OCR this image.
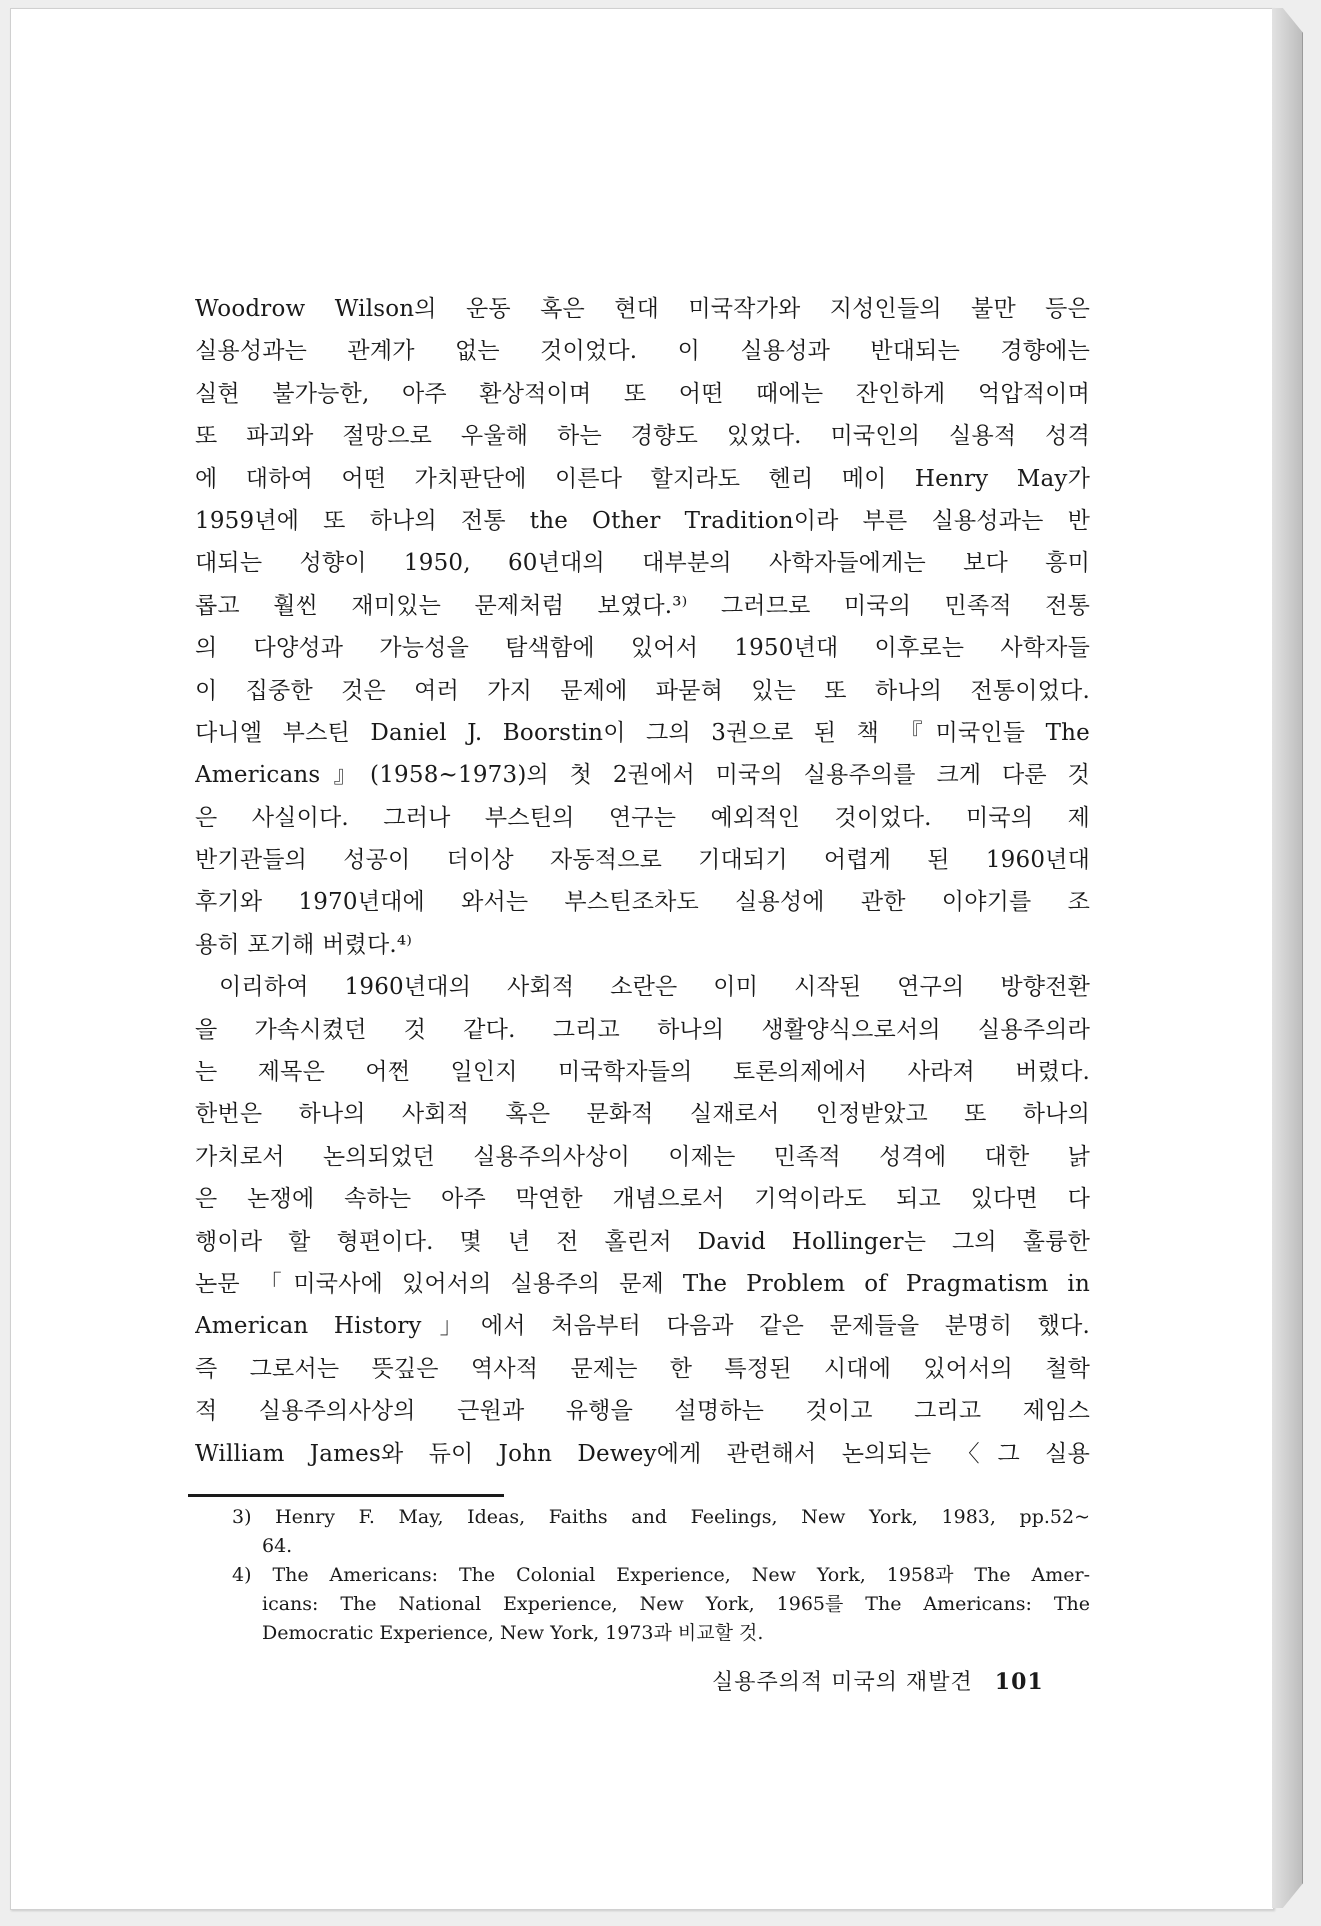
Woodrow Wilson의 운동 혹은 현대 미국작가와 지성인들의 불만 등은
실용성과는 관계가 없는 것이었다. 이 실용성과 반대되는 경향에는
실현 불가능한, 아주 환상적이며 또 어떤 때에는 잔인하게 억압적이며
또 파괴와 절망으로 우울해 하는 경향도 있었다. 미국인의 실용적 성격
에 대하여 어떤 가치판단에 이른다 할지라도 헨리 메이 Henry May가
1959년에 또 하나의 전통 the Other Tradition이라 부른 실용성과는 반
대되는 성향이 1950, 60년대의 대부분의 사학자들에게는 보다 흥미
롭고 훨씬 재미있는 문제처럼 보였다.³⁾ 그러므로 미국의 민족적 전통
의 다양성과 가능성을 탐색함에 있어서 1950년대 이후로는 사학자들
이 집중한 것은 여러 가지 문제에 파묻혀 있는 또 하나의 전통이었다.
다니엘 부스틴 Daniel J. Boorstin이 그의 3권으로 된 책 『미국인들 The
Americans』(1958~1973)의 첫 2권에서 미국의 실용주의를 크게 다룬 것
은 사실이다. 그러나 부스틴의 연구는 예외적인 것이었다. 미국의 제
반기관들의 성공이 더이상 자동적으로 기대되기 어렵게 된 1960년대
후기와 1970년대에 와서는 부스틴조차도 실용성에 관한 이야기를 조
용히 포기해 버렸다.⁴⁾
이리하여 1960년대의 사회적 소란은 이미 시작된 연구의 방향전환
을 가속시켰던 것 같다. 그리고 하나의 생활양식으로서의 실용주의라
는 제목은 어쩐 일인지 미국학자들의 토론의제에서 사라져 버렸다.
한번은 하나의 사회적 혹은 문화적 실재로서 인정받았고 또 하나의
가치로서 논의되었던 실용주의사상이 이제는 민족적 성격에 대한 낡
은 논쟁에 속하는 아주 막연한 개념으로서 기억이라도 되고 있다면 다
행이라 할 형편이다. 몇 년 전 홀린저 David Hollinger는 그의 훌륭한
논문 「미국사에 있어서의 실용주의 문제 The Problem of Pragmatism in
American History」에서 처음부터 다음과 같은 문제들을 분명히 했다.
즉 그로서는 뜻깊은 역사적 문제는 한 특정된 시대에 있어서의 철학
적 실용주의사상의 근원과 유행을 설명하는 것이고 그리고 제임스
William James와 듀이 John Dewey에게 관련해서 논의되는 〈그 실용
3) Henry F. May, Ideas, Faiths and Feelings, New York, 1983, pp.52~
64.
4) The Americans: The Colonial Experience, New York, 1958과 The Amer-
icans: The National Experience, New York, 1965를 The Americans: The
Democratic Experience, New York, 1973과 비교할 것.
실용주의적 미국의 재발견 101
